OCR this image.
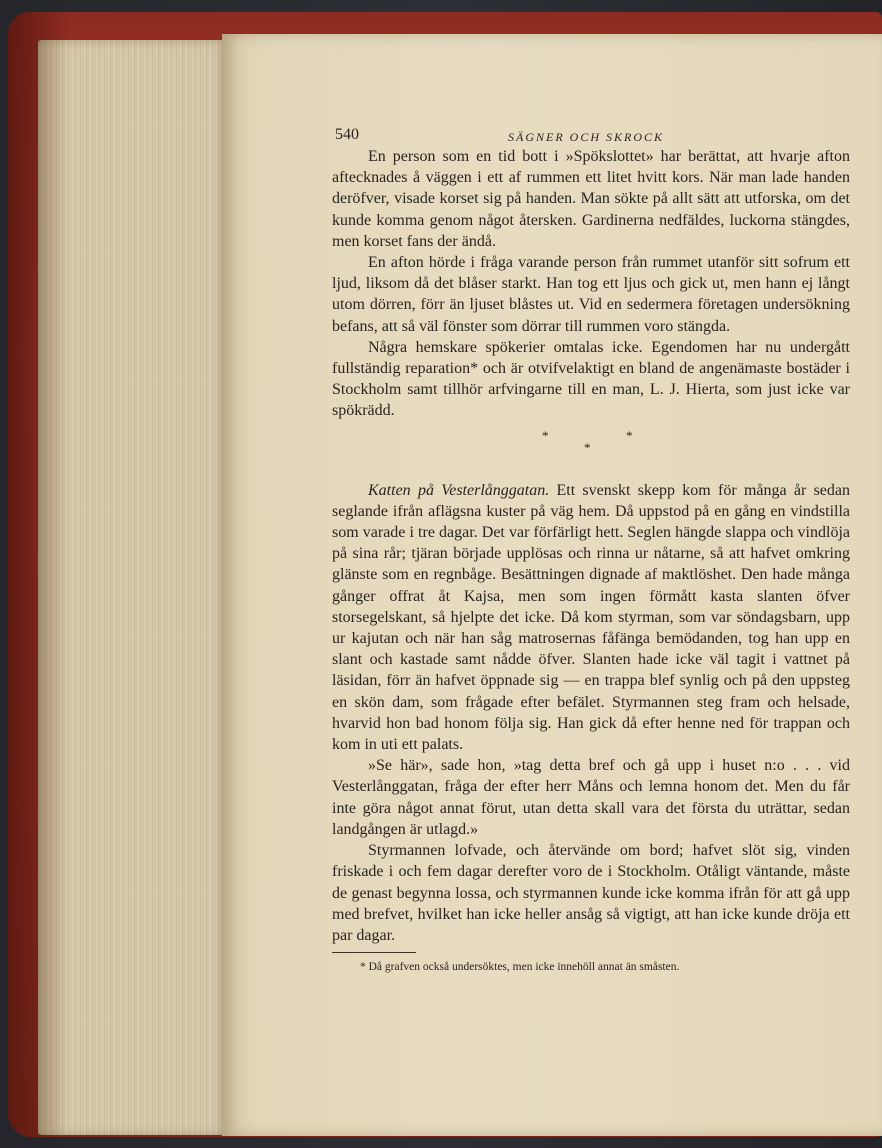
540	SÄGNER OCH SKROCK

En person som en tid bott i »Spökslottet» har berättat, att hvarje afton aftecknades å väggen i ett af rummen ett litet hvitt kors. När man lade handen deröfver, visade korset sig på handen. Man sökte på allt sätt att utforska, om det kunde komma genom något återsken. Gardinerna nedfäldes, luckorna stängdes, men korset fans der ändå.

En afton hörde i fråga varande person från rummet utanför sitt sofrum ett ljud, liksom då det blåser starkt. Han tog ett ljus och gick ut, men hann ej långt utom dörren, förr än ljuset blåstes ut. Vid en sedermera företagen undersökning befans, att så väl fönster som dörrar till rummen voro stängda.

Några hemskare spökerier omtalas icke. Egendomen har nu undergått fullständig reparation* och är otvifvelaktigt en bland de angenämaste bostäder i Stockholm samt tillhör arfvingarne till en man, L. J. Hierta, som just icke var spökrädd.

*	*
*

Katten på Vesterlånggatan. Ett svenskt skepp kom för många år sedan seglande ifrån aflägsna kuster på väg hem. Då uppstod på en gång en vindstilla som varade i tre dagar. Det var förfärligt hett. Seglen hängde slappa och vindlöja på sina rår; tjäran började upplösas och rinna ur nåtarne, så att hafvet omkring glänste som en regnbåge. Besättningen dignade af maktlöshet. Den hade många gånger offrat åt Kajsa, men som ingen förmått kasta slanten öfver storsegelskant, så hjelpte det icke. Då kom styrman, som var söndagsbarn, upp ur kajutan och när han såg matrosernas fåfänga bemödanden, tog han upp en slant och kastade samt nådde öfver. Slanten hade icke väl tagit i vattnet på läsidan, förr än hafvet öppnade sig — en trappa blef synlig och på den uppsteg en skön dam, som frågade efter befälet. Styrmannen steg fram och helsade, hvarvid hon bad honom följa sig. Han gick då efter henne ned för trappan och kom in uti ett palats.

»Se här», sade hon, »tag detta bref och gå upp i huset n:o . . . vid Vesterlånggatan, fråga der efter herr Måns och lemna honom det. Men du får inte göra något annat förut, utan detta skall vara det första du uträttar, sedan landgången är utlagd.»

Styrmannen lofvade, och återvände om bord; hafvet slöt sig, vinden friskade i och fem dagar derefter voro de i Stockholm. Otåligt väntande, måste de genast begynna lossa, och styrmannen kunde icke komma ifrån för att gå upp med brefvet, hvilket han icke heller ansåg så vigtigt, att han icke kunde dröja ett par dagar.

* Då grafven också undersöktes, men icke innehöll annat än småsten.
